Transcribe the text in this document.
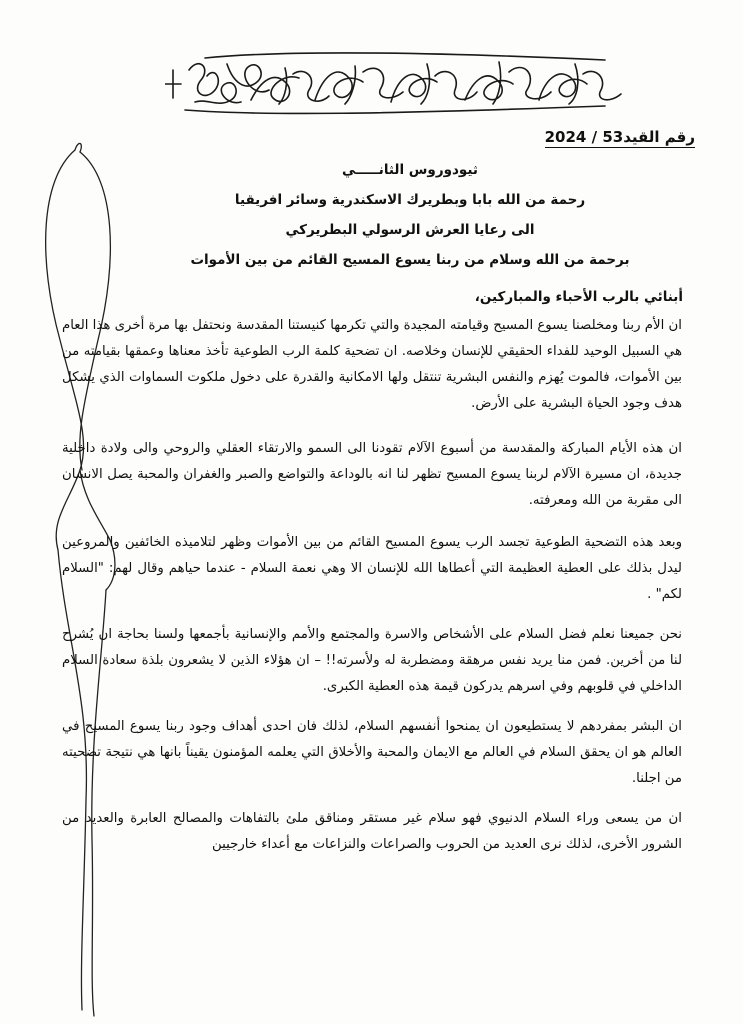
رقم القيد53 / 2024
ثيودوروس الثانـــــي
رحمة من الله بابا وبطريرك الاسكندرية وسائر افريقيا
الى رعايا العرش الرسولي البطريركي
برحمة من الله وسلام من ربنا يسوع المسيح القائم من بين الأموات
أبنائي بالرب الأحباء والمباركين،
ان الأم ربنا ومخلصنا يسوع المسيح وقيامته المجيدة والتي تكرمها كنيستنا المقدسة ونحتفل بها مرة أخرى هذا العام هي السبيل الوحيد للفداء الحقيقي للإنسان وخلاصه. ان تضحية كلمة الرب الطوعية تأخذ معناها وعمقها بقيامته من بين الأموات، فالموت يُهزم والنفس البشرية تنتقل ولها الامكانية والقدرة على دخول ملكوت السماوات الذي يشكل هدف وجود الحياة البشرية على الأرض.
ان هذه الأيام المباركة والمقدسة من أسبوع الآلام تقودنا الى السمو والارتقاء العقلي والروحي والى ولادة داخلية جديدة، ان مسيرة الآلام لربنا يسوع المسيح تظهر لنا انه بالوداعة والتواضع والصبر والغفران والمحبة يصل الانسان الى مقربة من الله ومعرفته.
وبعد هذه التضحية الطوعية تجسد الرب يسوع المسيح القائم من بين الأموات وظهر لتلاميذه الخائفين والمروعين ليدل بذلك على العطية العظيمة التي أعطاها الله للإنسان الا وهي نعمة السلام - عندما حياهم وقال لهم: "السلام لكم" .
نحن جميعنا نعلم فضل السلام على الأشخاص والاسرة والمجتمع والأمم والإنسانية بأجمعها ولسنا بحاجة ان يُشرح لنا من أخرين. فمن منا يريد نفس مرهقة ومضطربة له ولأسرته!! – ان هؤلاء الذين لا يشعرون بلذة سعادة السلام الداخلي في قلوبهم وفي اسرهم يدركون قيمة هذه العطية الكبرى.
ان البشر بمفردهم لا يستطيعون ان يمنحوا أنفسهم السلام، لذلك فان احدى أهداف وجود ربنا يسوع المسيح في العالم هو ان يحقق السلام في العالم مع الايمان والمحبة والأخلاق التي يعلمه المؤمنون يقيناً بانها هي نتيجة تضحيته من اجلنا.
ان من يسعى وراء السلام الدنيوي فهو سلام غير مستقر ومناقق ملئ بالتفاهات والمصالح العابرة والعديد من الشرور الأخرى، لذلك نرى العديد من الحروب والصراعات والنزاعات مع أعداء خارجيين
